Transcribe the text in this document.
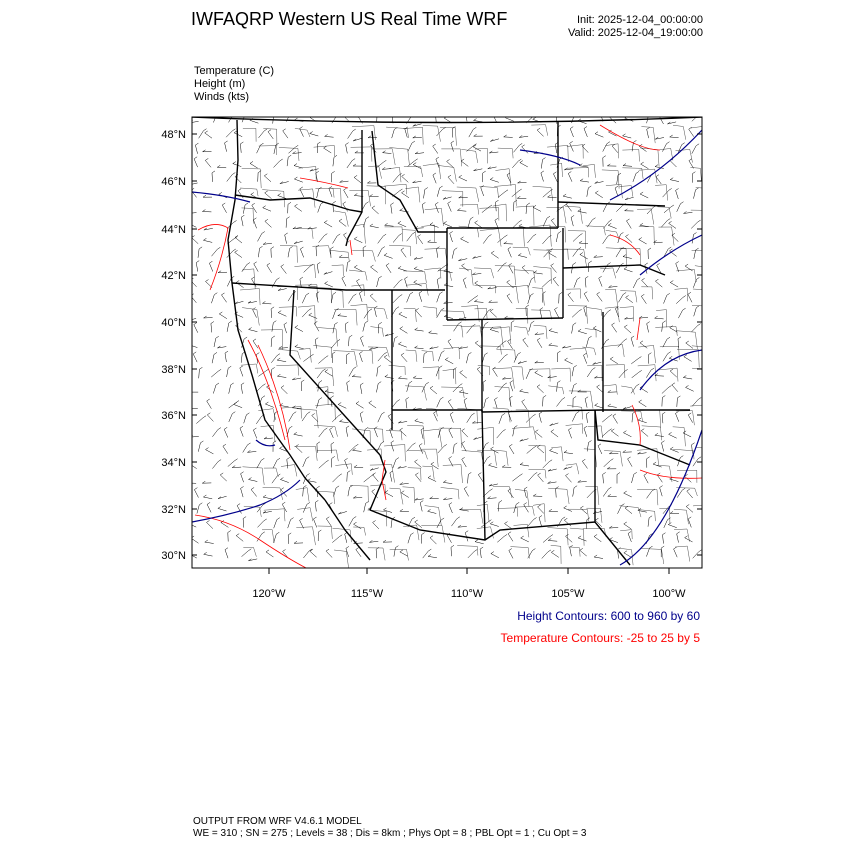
IWFAQRP Western US Real Time WRF	Init: 2025-12-04_00:00:00
Valid: 2025-12-04_19:00:00
Temperature (C)
Height (m)
Winds (kts)
48°N
46°N
44°N
42°N
40°N
38°N
36°N
34°N
32°N
30°N
120°W	115°W	110°W	105°W	100°W
Height Contours: 600 to 960 by 60
Temperature Contours: -25 to 25 by 5
OUTPUT FROM WRF V4.6.1 MODEL
WE = 310 ; SN = 275 ; Levels = 38 ; Dis = 8km ; Phys Opt = 8 ; PBL Opt = 1 ; Cu Opt = 3
